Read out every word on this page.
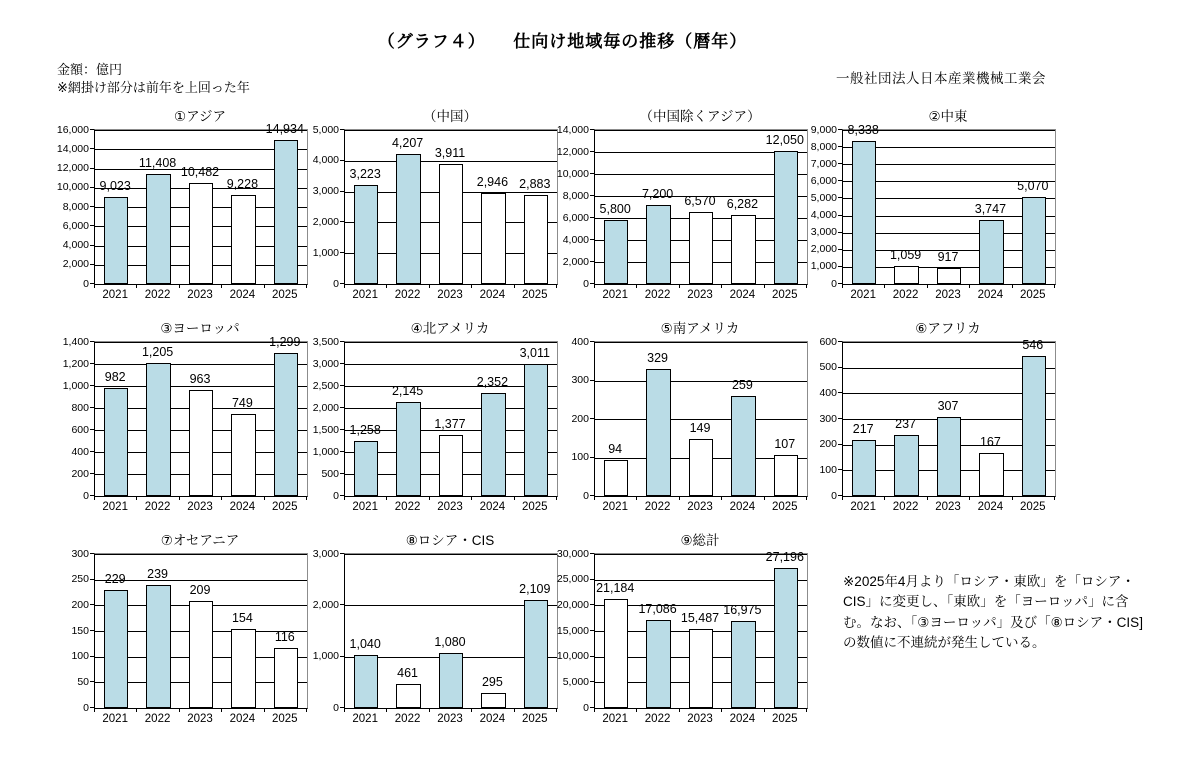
（グラフ４）　　仕向け地域毎の推移（暦年）
金額：億円
※網掛け部分は前年を上回った年
一般社団法人日本産業機械工業会
①アジア
0
2,000
4,000
6,000
8,000
10,000
12,000
14,000
16,000
9,023
2021
11,408
2022
10,482
2023
9,228
2024
14,934
2025
（中国）
0
1,000
2,000
3,000
4,000
5,000
3,223
2021
4,207
2022
3,911
2023
2,946
2024
2,883
2025
（中国除くアジア）
0
2,000
4,000
6,000
8,000
10,000
12,000
14,000
5,800
2021
7,200
2022
6,570
2023
6,282
2024
12,050
2025
②中東
0
1,000
2,000
3,000
4,000
5,000
6,000
7,000
8,000
9,000 8,338
2021
1,059
2022
917
2023
3,747
2024
5,070
2025
③ヨーロッパ
0
200
400
600
800
1,000
1,200
1,400
982
2021
1,205
2022
963
2023
749
2024
1,299
2025
④北アメリカ
0
500
1,000
1,500
2,000
2,500
3,000
3,500
1,258
2021
2,145
2022
1,377
2023
2,352
2024
3,011
2025
⑤南アメリカ
0
100
200
300
400
94
2021
329
2022
149
2023
259
2024
107
2025
⑥アフリカ
0
100
200
300
400
500
600
217
2021
237
2022
307
2023
167
2024
546
2025
⑦オセアニア
0
50
100
150
200
250
300
229
2021
239
2022
209
2023
154
2024
116
2025
⑧ロシア・CIS
0
1,000
2,000
3,000
1,040
2021
461
2022
1,080
2023
295
2024
2,109
2025
⑨総計
0
5,000
10,000
15,000
20,000
25,000
30,000
21,184
2021
17,086
2022
15,487
2023
16,975
2024
27,196
2025
※2025年4月より「ロシア・東欧」を「ロシア・CIS」に変更し、「東欧」を「ヨーロッパ」に含む。なお、「③ヨーロッパ」及び「⑧ロシア・CIS]の数値に不連続が発生している。
